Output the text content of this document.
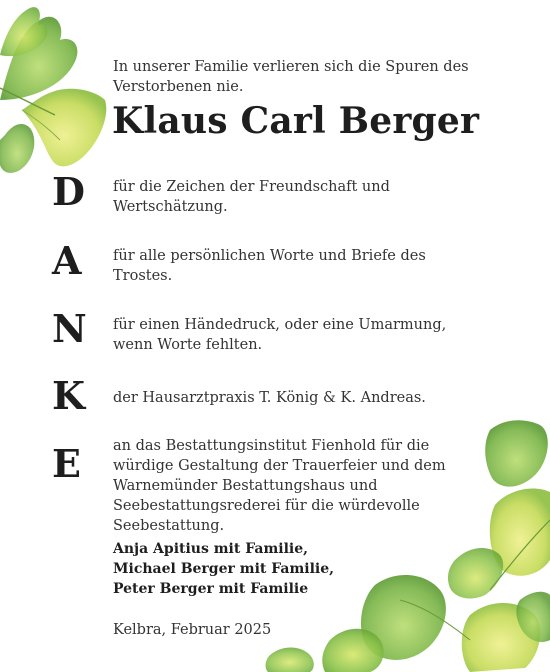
In unserer Familie verlieren sich die Spuren des Verstorbenen nie.
Klaus Carl Berger
D für die Zeichen der Freundschaft und Wertschätzung.
A für alle persönlichen Worte und Briefe des Trostes.
N für einen Händedruck, oder eine Umarmung, wenn Worte fehlten.
K der Hausarztpraxis T. König & K. Andreas.
E an das Bestattungsinstitut Fienhold für die würdige Gestaltung der Trauerfeier und dem Warnemünder Bestattungshaus und Seebestattungsrederei für die würdevolle Seebestattung.
Anja Apitius mit Familie,
Michael Berger mit Familie,
Peter Berger mit Familie
Kelbra, Februar 2025
